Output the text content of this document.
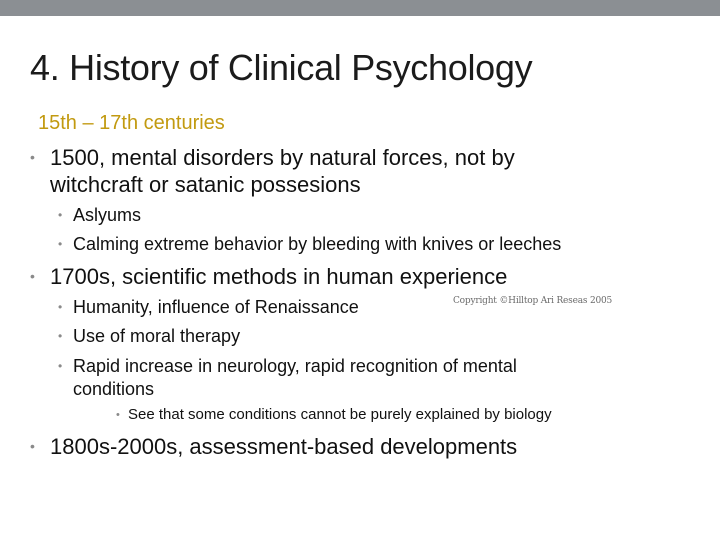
4. History of Clinical Psychology
15th – 17th centuries
• 1500, mental disorders by natural forces, not by
witchcraft or satanic possesions
• Aslyums
• Calming extreme behavior by bleeding with knives or leeches
• 1700s, scientific methods in human experience
• Humanity, influence of Renaissance	Copyright ©Hilltop Ari Reseas 2005
• Use of moral therapy
• Rapid increase in neurology, rapid recognition of mental
conditions
• See that some conditions cannot be purely explained by biology
• 1800s-2000s, assessment-based developments
